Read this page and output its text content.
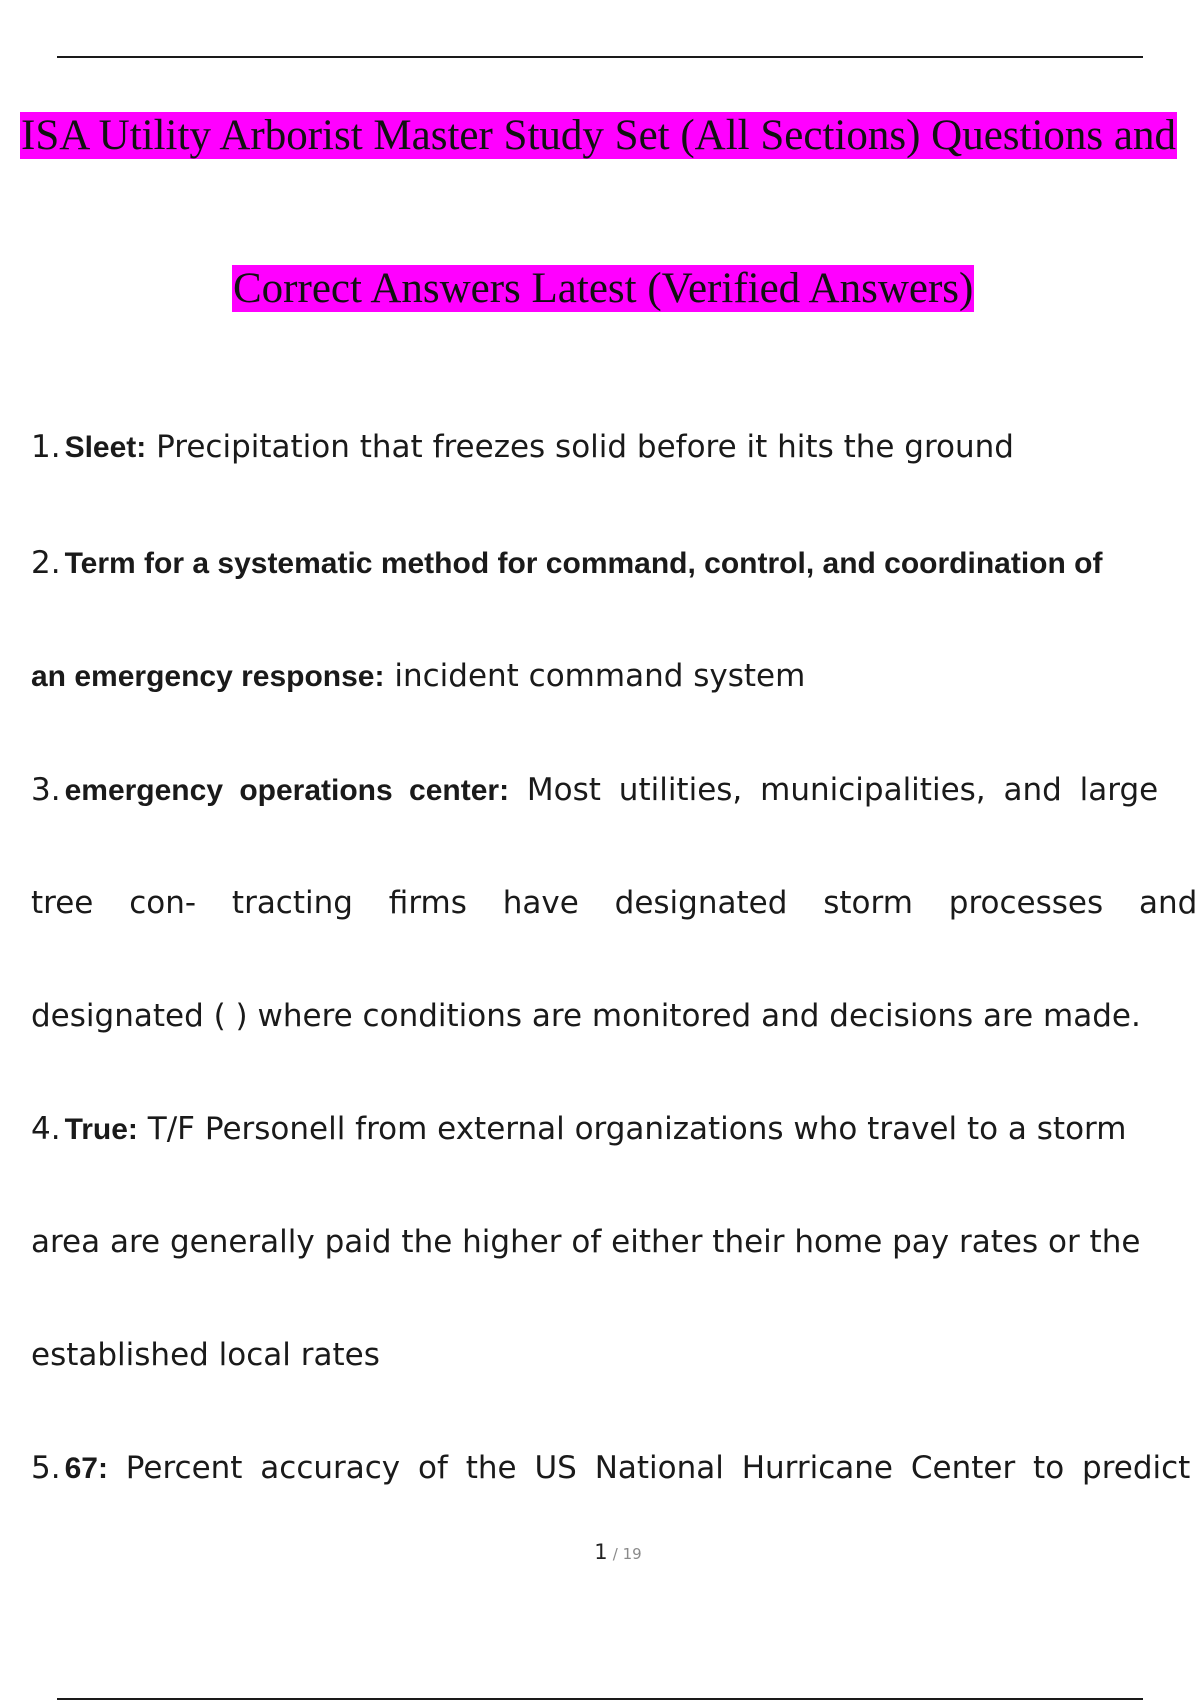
ISA Utility Arborist Master Study Set (All Sections) Questions and
Correct Answers Latest (Verified Answers)
1. Sleet: Precipitation that freezes solid before it hits the ground
2. Term for a systematic method for command, control, and coordination of
an emergency response: incident command system
3. emergency operations center: Most utilities, municipalities, and large
tree con- tracting firms have designated storm processes and
designated ( ) where conditions are monitored and decisions are made.
4. True: T/F Personell from external organizations who travel to a storm
area are generally paid the higher of either their home pay rates or the
established local rates
5. 67: Percent accuracy of the US National Hurricane Center to predict
1 / 19
